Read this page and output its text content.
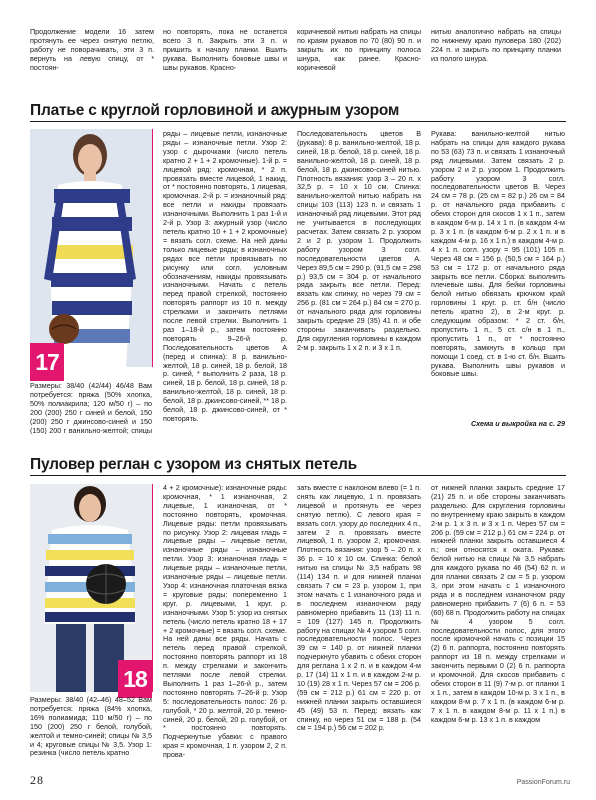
Продолжение модели 16 затем протянуть ее через снятую петлю, работу не поворачивать, эти 3 п. вернуть на левую спицу, от * постоян-

но повторять, пока не останется всего 3 п. Закрыть эти 3 п. и пришить к началу планки. Вшить рукава. Выполнить боковые швы и швы рукавов. Красно-

коричневой нитью набрать на спицы по краям рукавов по 70 (80) 90 п. и закрыть их по принципу полоса шнура, как ранее. Красно-коричневой

нитью аналогично набрать на спицы по нижнему краю пуловера 180 (202) 224 п. и закрыть по принципу планки из полого шнура.

Платье с круглой горловиной и ажурным узором
17

Размеры: 38/40 (42/44) 46/48 Вам потребуется: пряжа (50% хлопка, 50% полиакрила; 120 м/50 г) – по 200 (200) 250 г синей и белой, 150 (200) 250 г джинсово-синей и 150 (150) 200 г ванильно-желтой; спицы

ряды – лицевые петли, изнаночные ряды – изнаночные петли. Узор 2: узор с дырочками (число петель кратно 2 + 1 + 2 кромочные). 1-й р. = лицевой ряд: кромочная, * 2 п. провязать вместе лицевой, 1 накид, от * постоянно повторять, 1 лицевая, кромочная. 2-й р. = изнаночный ряд: все петли и накиды провязать изнаночными. Выполнить 1 раз 1-й и 2-й р. Узор 3: ажурный узор (число петель кратно 10 + 1 + 2 кромочные) = вязать согл. схеме. На ней даны только лицевые ряды; в изнаночных рядах все петли провязывать по рисунку или согл. условным обозначениям, накиды провязывать изнаночными. Начать с петель перед правой стрелкой, постоянно повторять раппорт из 10 п. между стрелками и закончить петлями после левой стрелки. Выполнить 1 раз 1–18-й р., затем постоянно повторять 9–26-й р. Последовательность цветов А (перед и спинка): 8 р. ванильно-желтой, 18 р. синей, 18 р. белой, 18 р. синей, * выполнить 2 раза, 18 р. синей, 18 р. белой, 18 р. синей, 18 р. ванильно-желтой, 18 р. синей, 18 р. белой, 18 р. джинсово-синей, ** 18 р. белой, 18 р. джинсово-синей, от * повторять.

Последовательность цветов В (рукава): 8 р. ванильно-желтой, 18 р. синей, 18 р. белой, 18 р. синей, 18 р. ванильно-желтой, 18 р. синей, 18 р. белой, 18 р. джинсово-синей нитью. Плотность вязания: узор 3 – 20 п. x 32,5 р. = 10 x 10 см. Спинка: ванильно-желтой нитью набрать на спицы 103 (113) 123 п. и связать 1 изнаночный ряд лицевыми. Этот ряд не учитывается в последующих расчетах. Затем связать 2 р. узором 2 и 2 р. узором 1. Продолжить работу узором 3 согл. последовательности цветов А. Через 89,5 см = 290 р. (91,5 см = 298 р.) 93,5 см = 304 р. от начального ряда закрыть все петли. Перед: вязать как спинку, но через 79 см = 256 р. (81 см = 264 р.) 84 см = 270 р. от начального ряда для горловины закрыть средние 29 (35) 41 п. и обе стороны заканчивать раздельно. Для скругления горловины в каждом 2-м р. закрыть 1 х 2 п. и 3 х 1 п.

Рукава: ванильно-желтой нитью набрать на спицы для каждого рукава по 53 (63) 73 п. и связать 1 изнаночный ряд лицевыми. Затем связать 2 р. узором 2 и 2 р. узором 1. Продолжить работу узором 3 согл. последовательности цветов В. Через 24 см = 78 р. (25 см = 82 р.) 26 см = 84 р. от начального ряда прибавить с обеих сторон для скосов 1 x 1 п., затем в каждом 6-м р. 14 x 1 п. (в каждом 4-м р. 3 x 1 п. (в каждом 6-м р. 2 x 1 п. и в каждом 4-м р. 16 x 1 п.) в каждом 4-м р. 4 x 1 п. согл. узору = 95 (101) 105 п. Через 48 см = 156 р. (50,5 см = 164 р.) 53 см = 172 р. от начального ряда закрыть все петли. Сборка: выполнить плечевые швы. Для бейки горловины белой нитью обвязать крючком край горловины 1 круг. р. ст. б/н (число петель кратно 2), в 2-м круг. р. следующим образом: * 2 ст. б/н, пропустить 1 п., 5 ст. с/н в 1 п., пропустить 1 п., от * постоянно повторять, замкнуть в кольцо при помощи 1 соед. ст. в 1-ю ст. б/н. Вшить рукава. Выполнить швы рукавов и боковые швы.

Схема и выкройка на с. 29
Пуловер реглан с узором из снятых петель
18

Размеры: 38/40 (42–46) 48–52 Вам потребуется: пряжа (84% хлопка, 16% полиамида; 110 м/50 г) – по 150 (200) 250 г белой, голубой, желтой и темно-синей; спицы № 3,5 и 4; круговые спицы № 3,5. Узор 1: резинка (число петель кратно

4 + 2 кромочные): изнаночные ряды: кромочная, * 1 изнаночная, 2 лицевые, 1 изнаночная, от * постоянно повторять, кромочная. Лицевые ряды: петли провязывать по рисунку. Узор 2: лицевая гладь = лицевые ряды – лицевые петли, изнаночные ряды – изнаночные петли. Узор 3: изнаночная гладь = лицевые ряды – изнаночные петли, изнаночные ряды – лицевые петли. Узор 4: изнаночная платочная вязка = круговые ряды: попеременно 1 круг. р. лицевыми, 1 круг. р. изнаночными. Узор 5: узор из снятых петель (число петель кратно 18 + 17 + 2 кромочные) = вязать согл. схеме. На ней даны все ряды. Начать с петель перед правой стрелкой, постоянно повторять раппорт из 18 п. между стрелками и закончить петлями после левой стрелки. Выполнить 1 раз 1–26-й р., затем постоянно повторять 7–26-й р. Узор 5: последовательность полос: 26 р. голубой, * 20 р. желтой, 20 р. темно-синей, 20 р. белой, 20 р. голубой, от * постоянно повторять. Подчеркнутые убавки: с правого края = кромочная, 1 п. узором 2, 2 п. прова-

зать вместе с наклоном влево (= 1 п. снять как лицевую, 1 п. провязать лицевой и протянуть ее через снятую петлю). С левого края = вязать согл. узору до последних 4 п., затем 2 п. провязать вместе лицевой, 1 п. узором 2, кромочная. Плотность вязания: узор 5 – 20 п. x 36 р. = 10 x 10 см. Спинка: белой нитью на спицы № 3,5 набрать 98 (114) 134 п. и для нижней планки связать 7 см = 23 р. узором 1, при этом начать с 1 изнаночного ряда и в последнем изнаночном ряду равномерно прибавить 11 (13) 11 п. = 109 (127) 145 п. Продолжить работу на спицах № 4 узором 5 согл. последовательности полос. Через 39 см = 140 р. от нижней планки подчеркнуто убавить с обеих сторон для реглана 1 x 2 п. и в каждом 4-м р. 17 (14) 11 x 1 п. и в каждом 2-м р. 10 (19) 28 x 1 п. Через 57 см = 206 р. (59 см = 212 р.) 61 см = 220 р. от нижней планки закрыть оставшиеся 45 (49) 53 п. Перед: вязать как спинку, но через 51 см = 188 р. (54 см = 194 р.) 56 см = 202 р.

от нижней планки закрыть средние 17 (21) 25 п. и обе стороны заканчивать раздельно. Для скругления горловины по внутреннему краю закрыть в каждом 2-м р. 1 x 3 п. и 3 x 1 п. Через 57 см = 206 р. (59 см = 212 р.) 61 см = 224 р. от нижней планки закрыть оставшиеся 4 п.; они относятся к оката. Рукава: белой нитью на спицы № 3,5 набрать для каждого рукава по 46 (54) 62 п. и для планки связать 2 см = 5 р. узором 3, при этом начать с 1 изнаночного ряда и в последнем изнаночном ряду равномерно прибавить 7 (6) 6 п. = 53 (60) 68 п. Продолжить работу на спицах № 4 узором 5 согл. последовательности полос, для этого после кромочной начать с позиции 15 (2) 6 п. раппорта, постоянно повторять раппорт из 18 п. между стрелками и закончить первыми 0 (2) 6 п. раппорта и кромочной. Для скосов прибавить с обеих сторон в 11 (9) 7-м р. от планки 1 x 1 п., затем в каждом 10-м р. 3 x 1 п., в каждом 8-м р. 7 x 1 п. (в каждом 6-м р. 7 x 1 п. в каждом 8-м р. 11 x 1 п.) в каждом 6-м р. 13 x 1 п. в каждом

28	PassionForum.ru
